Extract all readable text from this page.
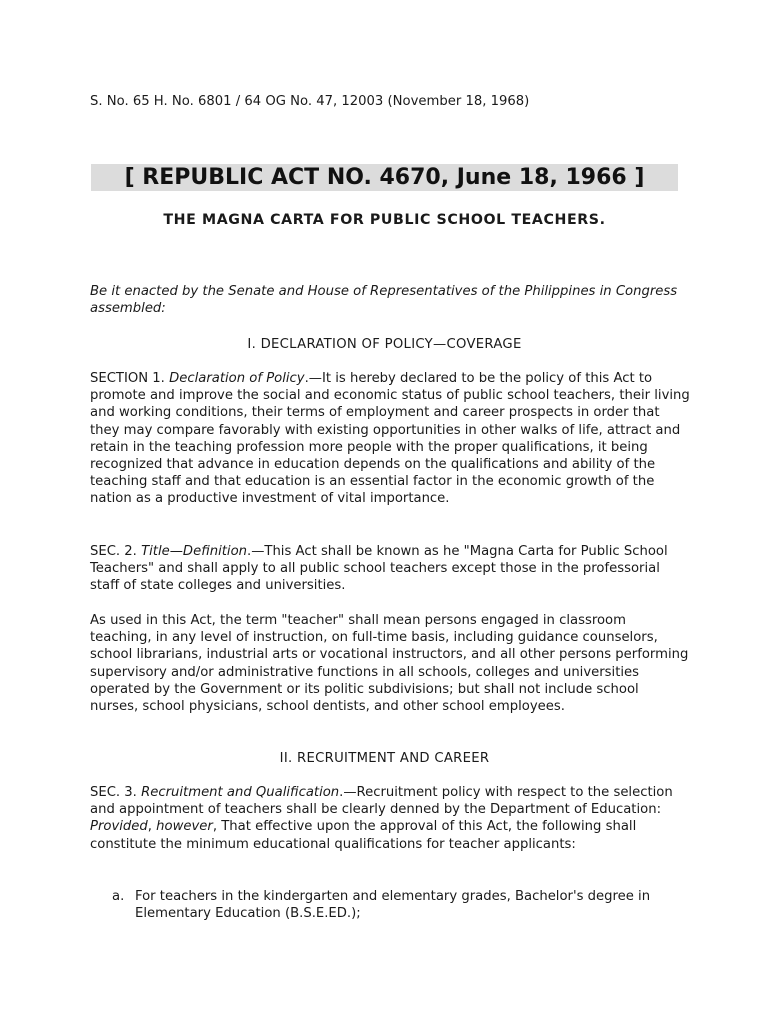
S. No. 65 H. No. 6801 / 64 OG No. 47, 12003 (November 18, 1968)
[ REPUBLIC ACT NO. 4670, June 18, 1966 ]
THE MAGNA CARTA FOR PUBLIC SCHOOL TEACHERS.

Be it enacted by the Senate and House of Representatives of the Philippines in Congress assembled:

I. DECLARATION OF POLICY—COVERAGE

SECTION 1. Declaration of Policy.—It is hereby declared to be the policy of this Act to promote and improve the social and economic status of public school teachers, their living and working conditions, their terms of employment and career prospects in order that they may compare favorably with existing opportunities in other walks of life, attract and retain in the teaching profession more people with the proper qualifications, it being recognized that advance in education depends on the qualifications and ability of the teaching staff and that education is an essential factor in the economic growth of the nation as a productive investment of vital importance.

SEC. 2. Title—Definition.—This Act shall be known as he "Magna Carta for Public School Teachers" and shall apply to all public school teachers except those in the professorial staff of state colleges and universities.

As used in this Act, the term "teacher" shall mean persons engaged in classroom teaching, in any level of instruction, on full-time basis, including guidance counselors, school librarians, industrial arts or vocational instructors, and all other persons performing supervisory and/or administrative functions in all schools, colleges and universities operated by the Government or its politic subdivisions; but shall not include school nurses, school physicians, school dentists, and other school employees.

II. RECRUITMENT AND CAREER

SEC. 3. Recruitment and Qualification.—Recruitment policy with respect to the selection and appointment of teachers shall be clearly denned by the Department of Education: Provided, however, That effective upon the approval of this Act, the following shall constitute the minimum educational qualifications for teacher applicants:

a. For teachers in the kindergarten and elementary grades, Bachelor's degree in Elementary Education (B.S.E.ED.);
